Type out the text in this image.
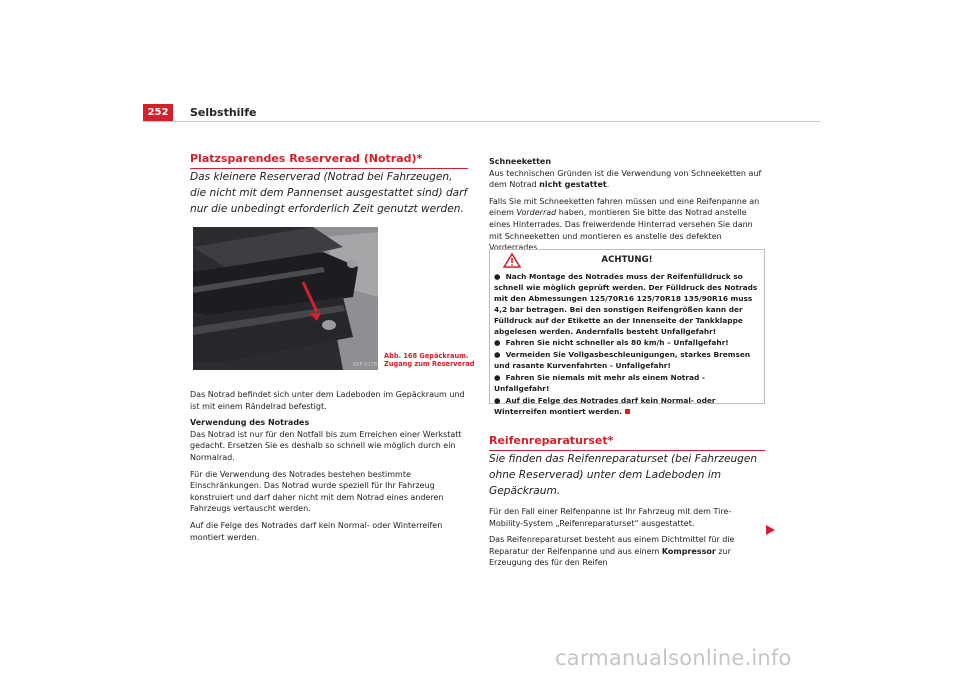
252	Selbsthilfe
Platzsparendes Reserverad (Notrad)*

Das kleinere Reserverad (Notrad bei Fahrzeugen, die nicht mit dem Pannenset ausgestattet sind) darf nur die unbedingt erforderlich Zeit genutzt werden.

B5F-0178
Abb. 168 Gepäckraum.
Zugang zum Reserverad

Das Notrad befindet sich unter dem Ladeboden im Gepäckraum und ist mit einem Rändelrad befestigt.

Verwendung des Notrades

Das Notrad ist nur für den Notfall bis zum Erreichen einer Werkstatt gedacht. Ersetzen Sie es deshalb so schnell wie möglich durch ein Normalrad.

Für die Verwendung des Notrades bestehen bestimmte Einschränkungen. Das Notrad wurde speziell für Ihr Fahrzeug konstruiert und darf daher nicht mit dem Notrad eines anderen Fahrzeugs vertauscht werden.

Auf die Felge des Notrades darf kein Normal- oder Winterreifen montiert werden.

Schneeketten

Aus technischen Gründen ist die Verwendung von Schneeketten auf dem Notrad nicht gestattet.

Falls Sie mit Schneeketten fahren müssen und eine Reifenpanne an einem Vorderrad haben, montieren Sie bitte das Notrad anstelle eines Hinterrades. Das freiwerdende Hinterrad versehen Sie dann mit Schneeketten und montieren es anstelle des defekten Vorderrades.

ACHTUNG!
●  Nach Montage des Notrades muss der Reifenfülldruck so schnell wie möglich geprüft werden. Der Fülldruck des Notrads mit den Abmessungen 125/70R16 125/70R18 135/90R16 muss 4,2 bar betragen. Bei den sonstigen Reifengrößen kann der Fülldruck auf der Etikette an der Innenseite der Tankklappe abgelesen werden. Andernfalls besteht Unfallgefahr!
●  Fahren Sie nicht schneller als 80 km/h – Unfallgefahr!
●  Vermeiden Sie Vollgasbeschleunigungen, starkes Bremsen und rasante Kurvenfahrten - Unfallgefahr!
●  Fahren Sie niemals mit mehr als einem Notrad - Unfallgefahr!
●  Auf die Felge des Notrades darf kein Normal- oder Winterreifen montiert werden.
Reifenreparaturset*

Sie finden das Reifenreparaturset (bei Fahrzeugen ohne Reserverad) unter dem Ladeboden im Gepäckraum.

Für den Fall einer Reifenpanne ist Ihr Fahrzeug mit dem Tire-Mobility-System „Reifenreparaturset“ ausgestattet.

Das Reifenreparaturset besteht aus einem Dichtmittel für die Reparatur der Reifenpanne und aus einem Kompressor zur Erzeugung des für den Reifen

carmanualsonline.info
